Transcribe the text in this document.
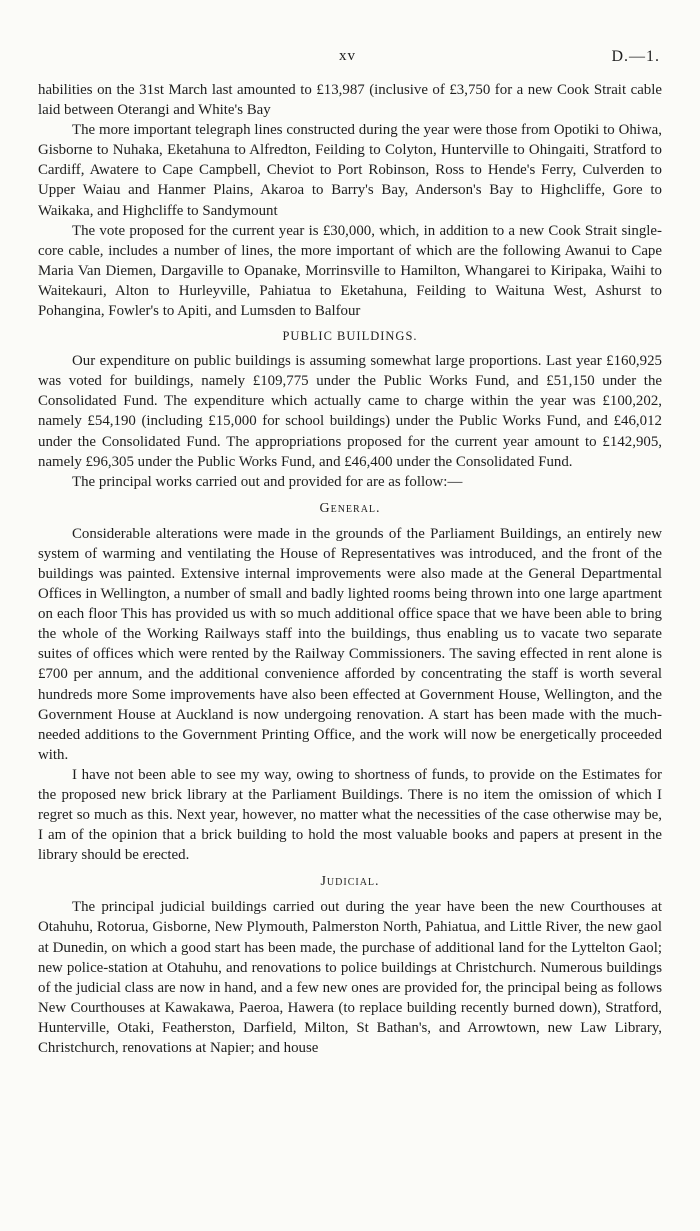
xv	D.—1.

habilities on the 31st March last amounted to £13,987 (inclusive of £3,750 for a new Cook Strait cable laid between Oterangi and White's Bay

The more important telegraph lines constructed during the year were those from Opotiki to Ohiwa, Gisborne to Nuhaka, Eketahuna to Alfredton, Feilding to Colyton, Hunterville to Ohingaiti, Stratford to Cardiff, Awatere to Cape Campbell, Cheviot to Port Robinson, Ross to Hende's Ferry, Culverden to Upper Waiau and Hanmer Plains, Akaroa to Barry's Bay, Anderson's Bay to Highcliffe, Gore to Waikaka, and Highcliffe to Sandymount

The vote proposed for the current year is £30,000, which, in addition to a new Cook Strait single-core cable, includes a number of lines, the more important of which are the following Awanui to Cape Maria Van Diemen, Dargaville to Opanake, Morrinsville to Hamilton, Whangarei to Kiripaka, Waihi to Waitekauri, Alton to Hurleyville, Pahiatua to Eketahuna, Feilding to Waituna West, Ashurst to Pohangina, Fowler's to Apiti, and Lumsden to Balfour

PUBLIC BUILDINGS.

Our expenditure on public buildings is assuming somewhat large proportions. Last year £160,925 was voted for buildings, namely £109,775 under the Public Works Fund, and £51,150 under the Consolidated Fund. The expenditure which actually came to charge within the year was £100,202, namely £54,190 (including £15,000 for school buildings) under the Public Works Fund, and £46,012 under the Consolidated Fund. The appropriations proposed for the current year amount to £142,905, namely £96,305 under the Public Works Fund, and £46,400 under the Consolidated Fund.

The principal works carried out and provided for are as follow:—

General.

Considerable alterations were made in the grounds of the Parliament Buildings, an entirely new system of warming and ventilating the House of Representatives was introduced, and the front of the buildings was painted. Extensive internal improvements were also made at the General Departmental Offices in Wellington, a number of small and badly lighted rooms being thrown into one large apartment on each floor This has provided us with so much additional office space that we have been able to bring the whole of the Working Railways staff into the buildings, thus enabling us to vacate two separate suites of offices which were rented by the Railway Commissioners. The saving effected in rent alone is £700 per annum, and the additional convenience afforded by concentrating the staff is worth several hundreds more Some improvements have also been effected at Government House, Wellington, and the Government House at Auckland is now undergoing renovation. A start has been made with the much-needed additions to the Government Printing Office, and the work will now be energetically proceeded with.

I have not been able to see my way, owing to shortness of funds, to provide on the Estimates for the proposed new brick library at the Parliament Buildings. There is no item the omission of which I regret so much as this. Next year, however, no matter what the necessities of the case otherwise may be, I am of the opinion that a brick building to hold the most valuable books and papers at present in the library should be erected.

Judicial.

The principal judicial buildings carried out during the year have been the new Courthouses at Otahuhu, Rotorua, Gisborne, New Plymouth, Palmerston North, Pahiatua, and Little River, the new gaol at Dunedin, on which a good start has been made, the purchase of additional land for the Lyttelton Gaol; new police-station at Otahuhu, and renovations to police buildings at Christchurch. Numerous buildings of the judicial class are now in hand, and a few new ones are provided for, the principal being as follows New Courthouses at Kawakawa, Paeroa, Hawera (to replace building recently burned down), Stratford, Hunterville, Otaki, Featherston, Darfield, Milton, St Bathan's, and Arrowtown, new Law Library, Christchurch, renovations at Napier; and house
